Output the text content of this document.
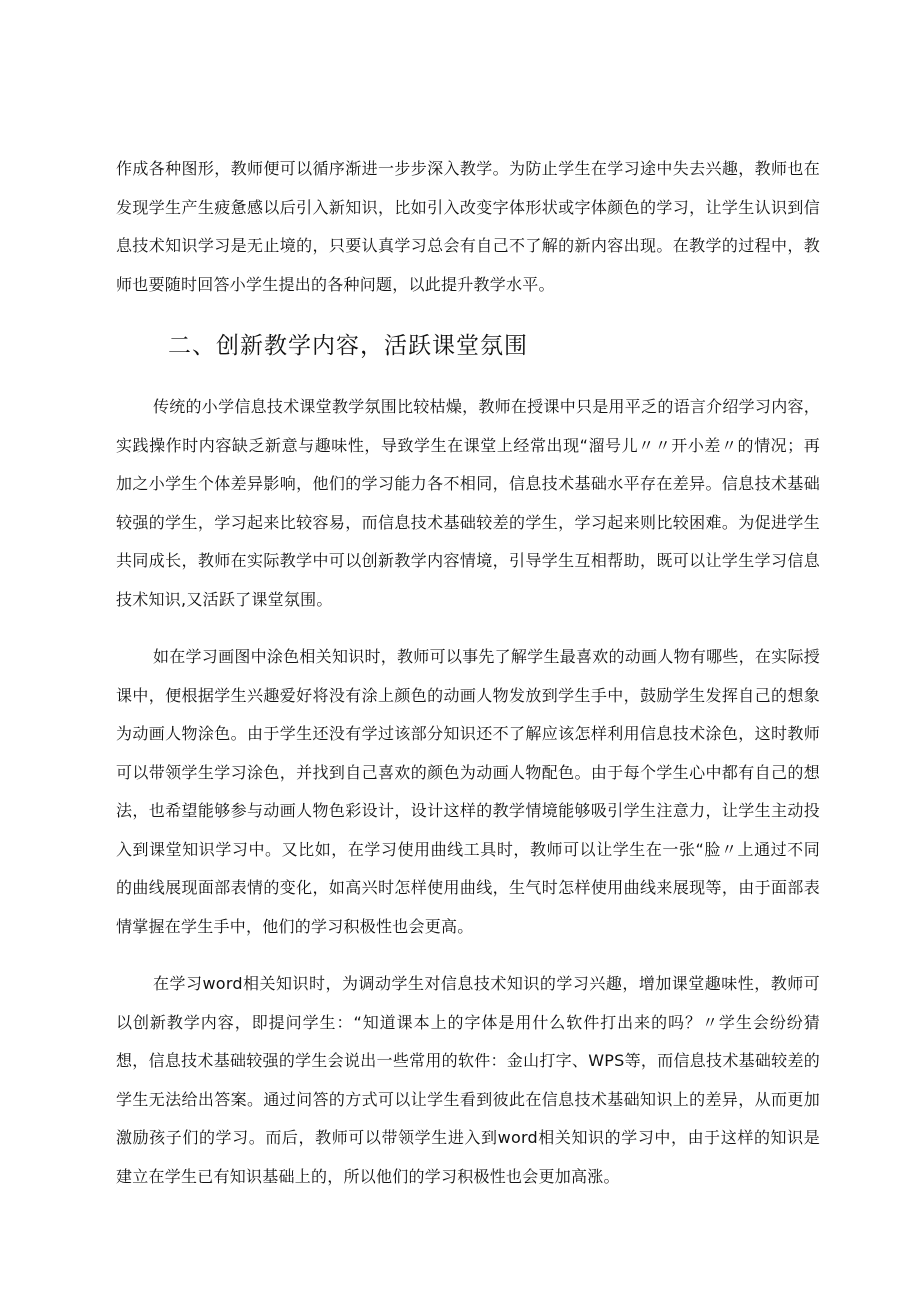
作成各种图形，教师便可以循序渐进一步步深入教学。为防止学生在学习途中失去兴趣，教师也在发现学生产生疲惫感以后引入新知识，比如引入改变字体形状或字体颜色的学习，让学生认识到信息技术知识学习是无止境的，只要认真学习总会有自己不了解的新内容出现。在教学的过程中，教师也要随时回答小学生提出的各种问题，以此提升教学水平。

二、创新教学内容，活跃课堂氛围

传统的小学信息技术课堂教学氛围比较枯燥，教师在授课中只是用平乏的语言介绍学习内容，实践操作时内容缺乏新意与趣味性，导致学生在课堂上经常出现“溜号儿〃〃开小差〃的情况；再加之小学生个体差异影响，他们的学习能力各不相同，信息技术基础水平存在差异。信息技术基础较强的学生，学习起来比较容易，而信息技术基础较差的学生，学习起来则比较困难。为促进学生共同成长，教师在实际教学中可以创新教学内容情境，引导学生互相帮助，既可以让学生学习信息技术知识,又活跃了课堂氛围。

如在学习画图中涂色相关知识时，教师可以事先了解学生最喜欢的动画人物有哪些，在实际授课中，便根据学生兴趣爱好将没有涂上颜色的动画人物发放到学生手中，鼓励学生发挥自己的想象为动画人物涂色。由于学生还没有学过该部分知识还不了解应该怎样利用信息技术涂色，这时教师可以带领学生学习涂色，并找到自己喜欢的颜色为动画人物配色。由于每个学生心中都有自己的想法，也希望能够参与动画人物色彩设计，设计这样的教学情境能够吸引学生注意力，让学生主动投入到课堂知识学习中。又比如，在学习使用曲线工具时，教师可以让学生在一张“脸〃上通过不同的曲线展现面部表情的变化，如高兴时怎样使用曲线，生气时怎样使用曲线来展现等，由于面部表情掌握在学生手中，他们的学习积极性也会更高。

在学习word相关知识时，为调动学生对信息技术知识的学习兴趣，增加课堂趣味性，教师可以创新教学内容，即提问学生：“知道课本上的字体是用什么软件打出来的吗？〃学生会纷纷猜想，信息技术基础较强的学生会说出一些常用的软件：金山打字、WPS等，而信息技术基础较差的学生无法给出答案。通过问答的方式可以让学生看到彼此在信息技术基础知识上的差异，从而更加激励孩子们的学习。而后，教师可以带领学生进入到word相关知识的学习中，由于这样的知识是建立在学生已有知识基础上的，所以他们的学习积极性也会更加高涨。
